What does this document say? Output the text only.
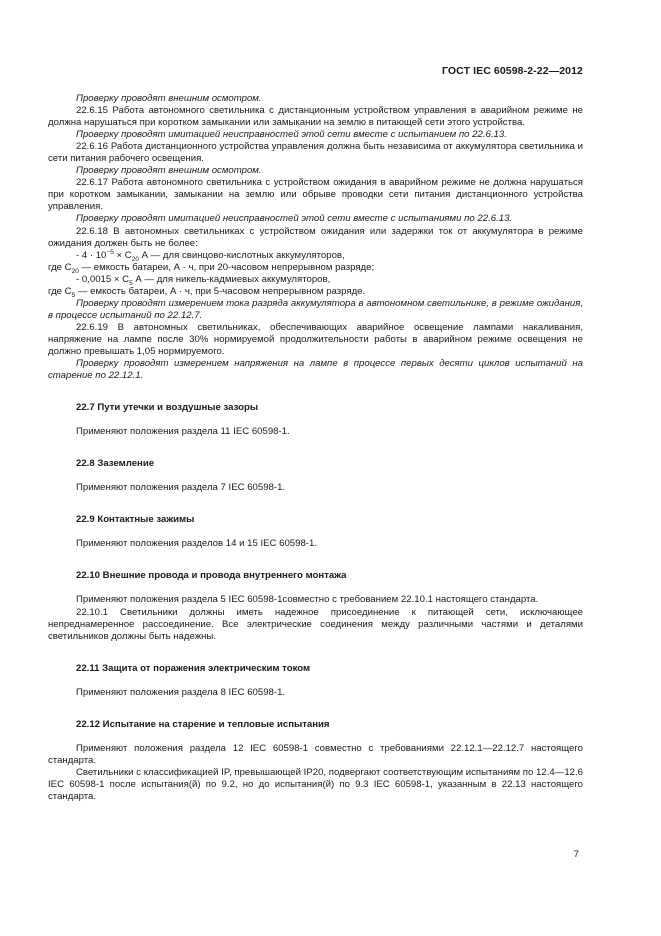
ГОСТ IEC 60598-2-22—2012

Проверку проводят внешним осмотром.

22.6.15 Работа автономного светильника с дистанционным устройством управления в аварийном режиме не должна нарушаться при коротком замыкании или замыкании на землю в питающей сети этого устройства.

Проверку проводят имитацией неисправностей этой сети вместе с испытанием по 22.6.13.

22.6.16 Работа дистанционного устройства управления должна быть независима от аккумулятора светильника и сети питания рабочего освещения.

Проверку проводят внешним осмотром.

22.6.17 Работа автономного светильника с устройством ожидания в аварийном режиме не должна нарушаться при коротком замыкании, замыкании на землю или обрыве проводки сети питания дистанционного устройства управления.

Проверку проводят имитацией неисправностей этой сети вместе с испытаниями по 22.6.13.

22.6.18 В автономных светильниках с устройством ожидания или задержки ток от аккумулятора в режиме ожидания должен быть не более:

- $4 \cdot 10^{-5} \times C_{20}$ А — для свинцово-кислотных аккумуляторов,

где $C_{20}$ — емкость батареи, А · ч, при 20-часовом непрерывном разряде;

- $0,0015 \times C_5$ А — для никель-кадмиевых аккумуляторов,

где $C_5$ — емкость батареи, А · ч, при 5-часовом непрерывном разряде.

Проверку проводят измерением тока разряда аккумулятора в автономном светильнике, в режиме ожидания, в процессе испытаний по 22.12.7.

22.6.19 В автономных светильниках, обеспечивающих аварийное освещение лампами накаливания, напряжение на лампе после 30% нормируемой продолжительности работы в аварийном режиме освещения не должно превышать 1,05 нормируемого.

Проверку проводят измерением напряжения на лампе в процессе первых десяти циклов испытаний на старение по 22.12.1.

22.7 Пути утечки и воздушные зазоры

Применяют положения раздела 11 IEC 60598-1.

22.8 Заземление

Применяют положения раздела 7 IEC 60598-1.

22.9 Контактные зажимы

Применяют положения разделов 14 и 15 IEC 60598-1.

22.10 Внешние провода и провода внутреннего монтажа

Применяют положения раздела 5 IEC 60598-1совместно с требованием 22.10.1 настоящего стандарта.

22.10.1 Светильники должны иметь надежное присоединение к питающей сети, исключающее непреднамеренное рассоединение. Все электрические соединения между различными частями и деталями светильников должны быть надежны.

22.11 Защита от поражения электрическим током

Применяют положения раздела 8 IEC 60598-1.

22.12 Испытание на старение и тепловые испытания

Применяют положения раздела 12 IEC 60598-1 совместно с требованиями 22.12.1—22.12.7 настоящего стандарта.

Светильники с классификацией IP, превышающей IP20, подвергают соответствующим испытаниям по 12.4—12.6 IEC 60598-1 после испытания(й) по 9.2, но до испытания(й) по 9.3 IEC 60598-1, указанным в 22.13 настоящего стандарта.

7
